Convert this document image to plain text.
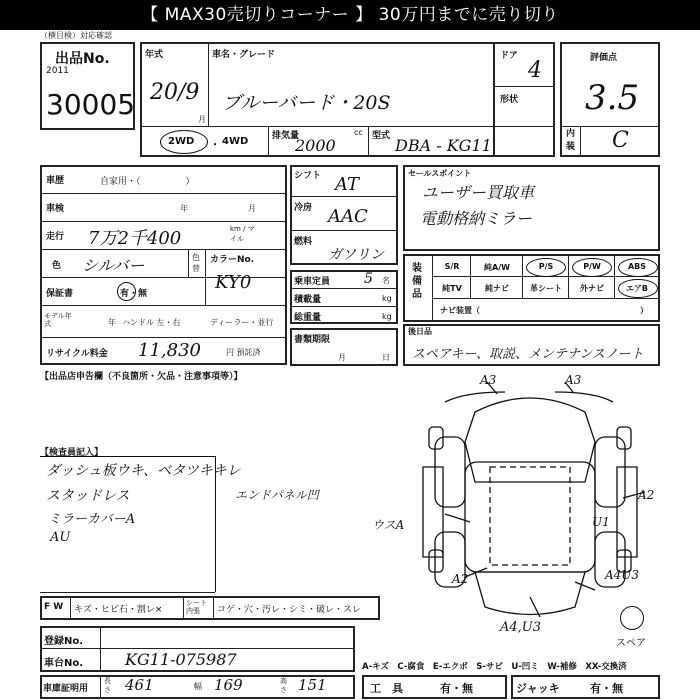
【 MAX30売切りコーナー 】 30万円までに売り切り
（横目検）対応確認
出品No.
2011
30005
年式
20/9
月
車名・グレード
ブルーバード・20S
ドア
4
形状
評価点
3.5
2WD ・ 4WD	排気量	cc
2000	型式 DBA - KG11
内装 C
車歴	自家用・（　　　　　）
車検	年	月
走行 7万2千400	km / マイル
色 シルバー	色替
カラーNo.
KY0
保証書	有・無
モデル年式	年 ハンドル 左・右	ディーラー・並行
リサイクル料金 11,830	円 預託済
シフト AT
冷房 AAC
燃料
ガソリン
乗車定員 5 名
積載量	kg
総重量	kg
書類期限
月	日
セールスポイント
ユーザー買取車
電動格納ミラー
装備品
S/R	純A/W	P/S	P/W	ABS
純TV	純ナビ	革シート	外ナビ	エアB
ナビ装置（	）
後日品
スペアキー、取説、メンテナンスノート
【出品店申告欄（不良箇所・欠品・注意事項等）】
【検査員記入】
ダッシュ板ウキ、ベタツキキレ
スタッドレス
ミラーカバーA
AU
エンドパネル凹
A3	A3
A2
U1
ウスA
A2	A4U3
A4,U3
スペア
F W キズ・ヒビ石・割レ×
シート内張	コゲ・穴・汚レ・シミ・破レ・スレ
登録No.
車台No.	KG11-075987	A-キズ　C-腐食　E-エクボ　S-サビ　U-凹ミ　W-補修　XX-交換済
車庫証明用
長さ 461	幅 169	高さ 151	工　具	有・無	ジャッキ	有・無
